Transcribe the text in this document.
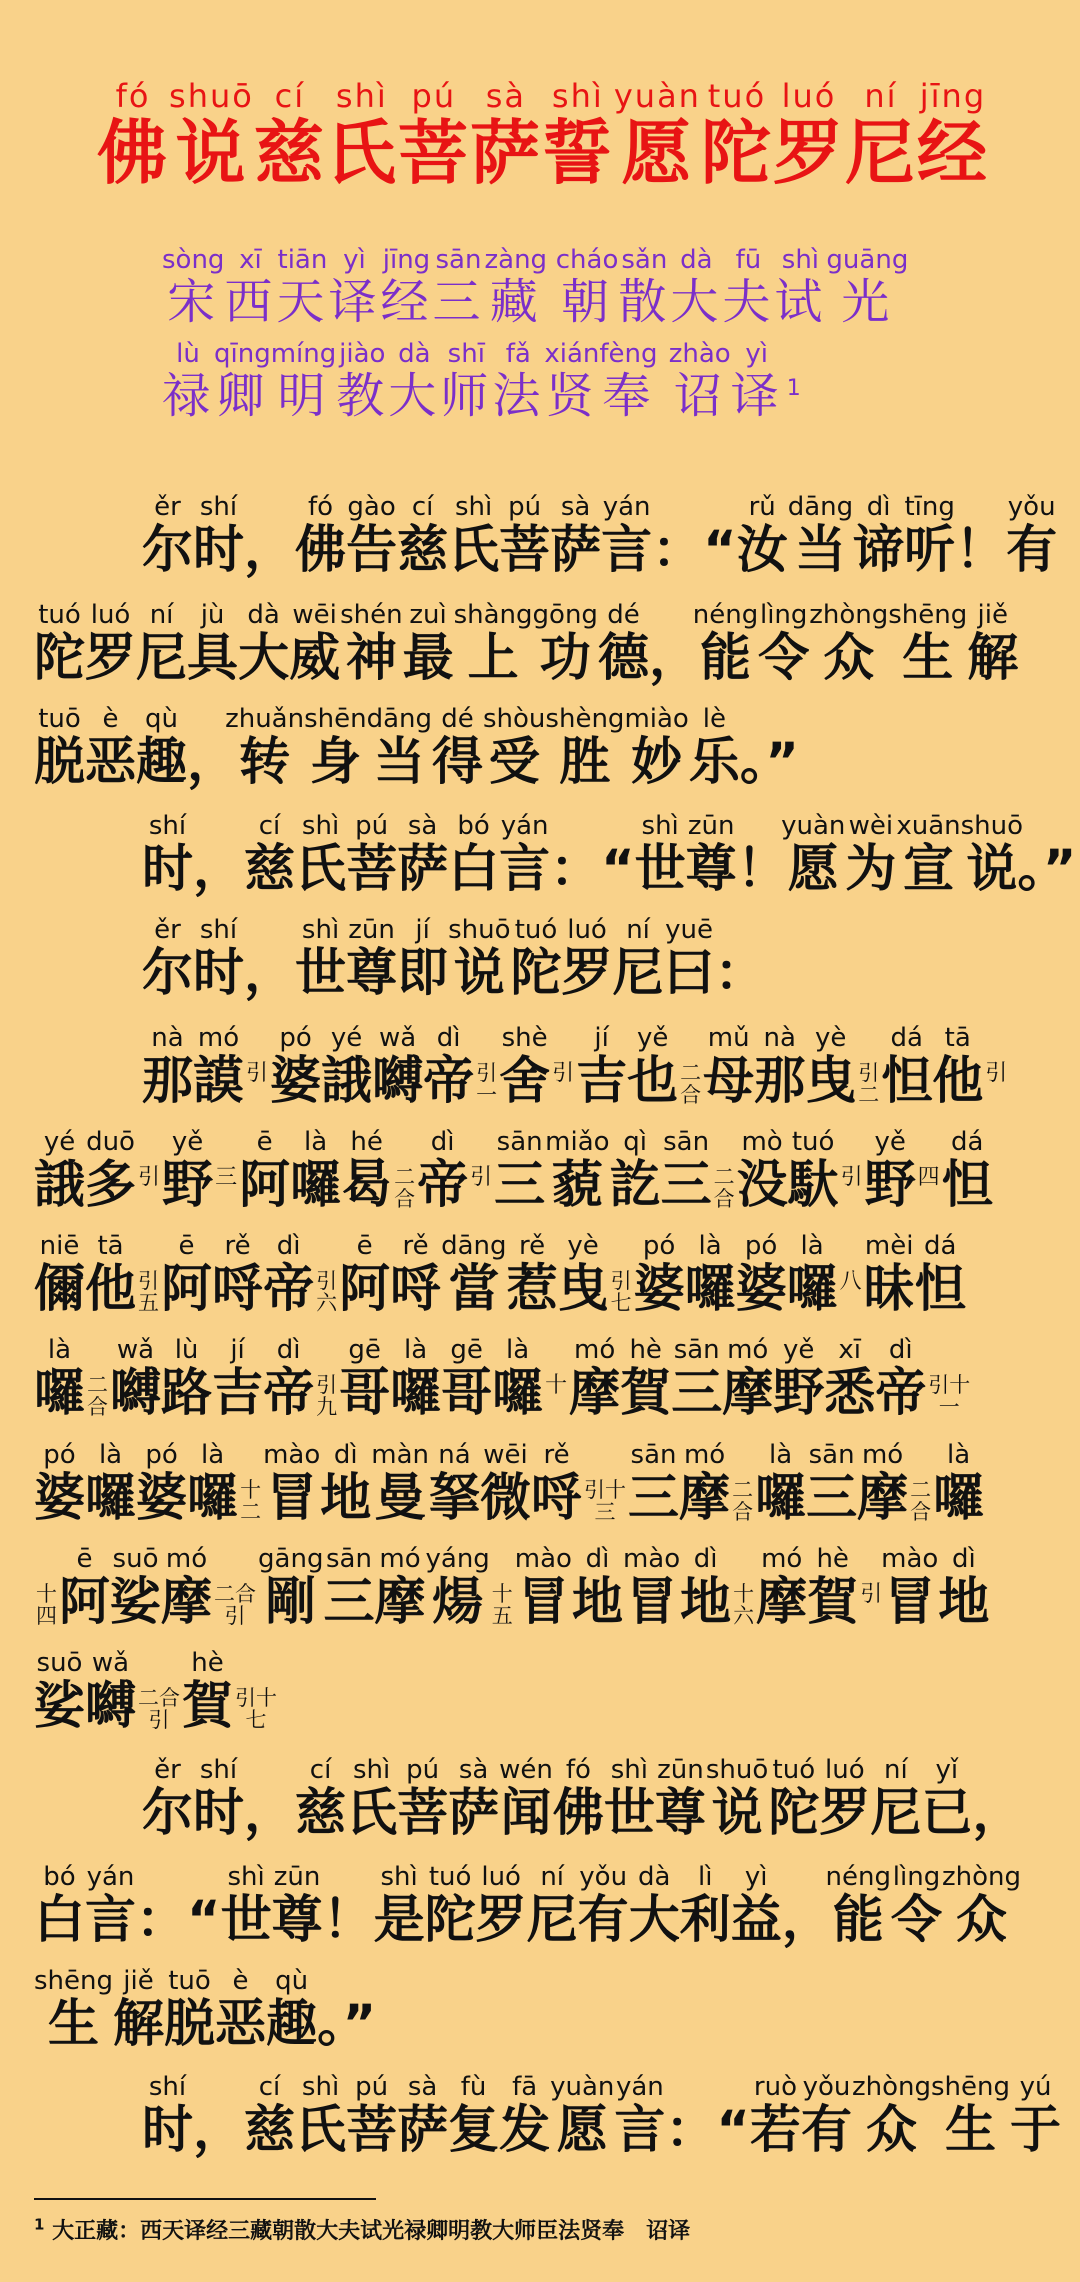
佛fó说shuō慈cí氏shì菩pú萨sà誓shì愿yuàn陀tuó罗luó尼ní经jīng
宋sòng西xī天tiān译yì经jīng三sān藏zàng 朝cháo散sǎn大dà夫fū试shì光guāng
禄lù卿qīng明míng教jiào大dà师shī法fǎ贤xián奉fèng 诏zhào译$yì^1$
尔ěr时shí，佛fó告gào慈cí氏shì菩pú萨sà言yán：“汝rǔ当dāng谛dì听tīng！有yǒu
陀tuó罗luó尼ní具jù大dà威wēi神shén最zuì上shàng功gōng德dé，能néng令lìng众zhòng生shēng解jiě
脱tuō恶è趣qù，转zhuǎn身shēn当dāng得dé受shòu胜shèng妙miào乐lè。”
时shí，慈cí氏shì菩pú萨sà白bó言yán：“世shì尊zūn！愿yuàn为wèi宣xuān说shuō。”
尔ěr时shí，世shì尊zūn即jí说shuō陀tuó罗luó尼ní曰yuē：
那nà謨$mó^引$婆pó誐yé嚩wǎ帝dì
引
一 舍shè$^引$吉jí也yě
二
合 母mǔ那nà曳yè
引
二 怛dá他$tā^引$
誐yé多duō$^引$野$yě^三$阿ē囉là曷hé
二
合 帝$dì^引$三sān藐miǎo訖qì三sān
二
合 没mò馱tuó$^引$野$yě^四$怛dá
儞niē他tā
引
五 阿ē哷rě帝dì
引
六 阿ē哷rě當dāng惹rě曳yè
引
七 婆pó囉là婆pó囉$là^八$昧mèi怛dá
囉là
二
合 嚩wǎ路lù吉jí帝dì
引
九 哥gē囉là哥gē囉$là^十$摩mó賀hè三sān摩mó野yě悉xī帝dì
引十
一
婆pó囉là婆pó囉là
十
二 冒mào地dì曼màn拏ná微wēi哷rě
引十
三 三sān摩mó
二
合 囉là三sān摩mó
二
合 囉là
十
四 阿ē娑suō摩mó
二合
引 剛gāng三sān摩mó煬yáng
十
五 冒mào地dì冒mào地dì
十
六 摩mó賀$hè^引$冒mào地dì
娑suō嚩wǎ
二合
引 賀hè
引十
七
尔ěr时shí，慈cí氏shì菩pú萨sà闻wén佛fó世shì尊zūn说shuō陀tuó罗luó尼ní已yǐ，
白bó言yán：“世shì尊zūn！是shì陀tuó罗luó尼ní有yǒu大dà利lì益yì，能néng令lìng众zhòng
生shēng解jiě脱tuō恶è趣qù。”
时shí，慈cí氏shì菩pú萨sà复fù发fā愿yuàn言yán：“若ruò有yǒu众zhòng生shēng于yú
$^1$ 大正藏：西天译经三藏朝散大夫试光禄卿明教大师臣法贤奉　诏译
